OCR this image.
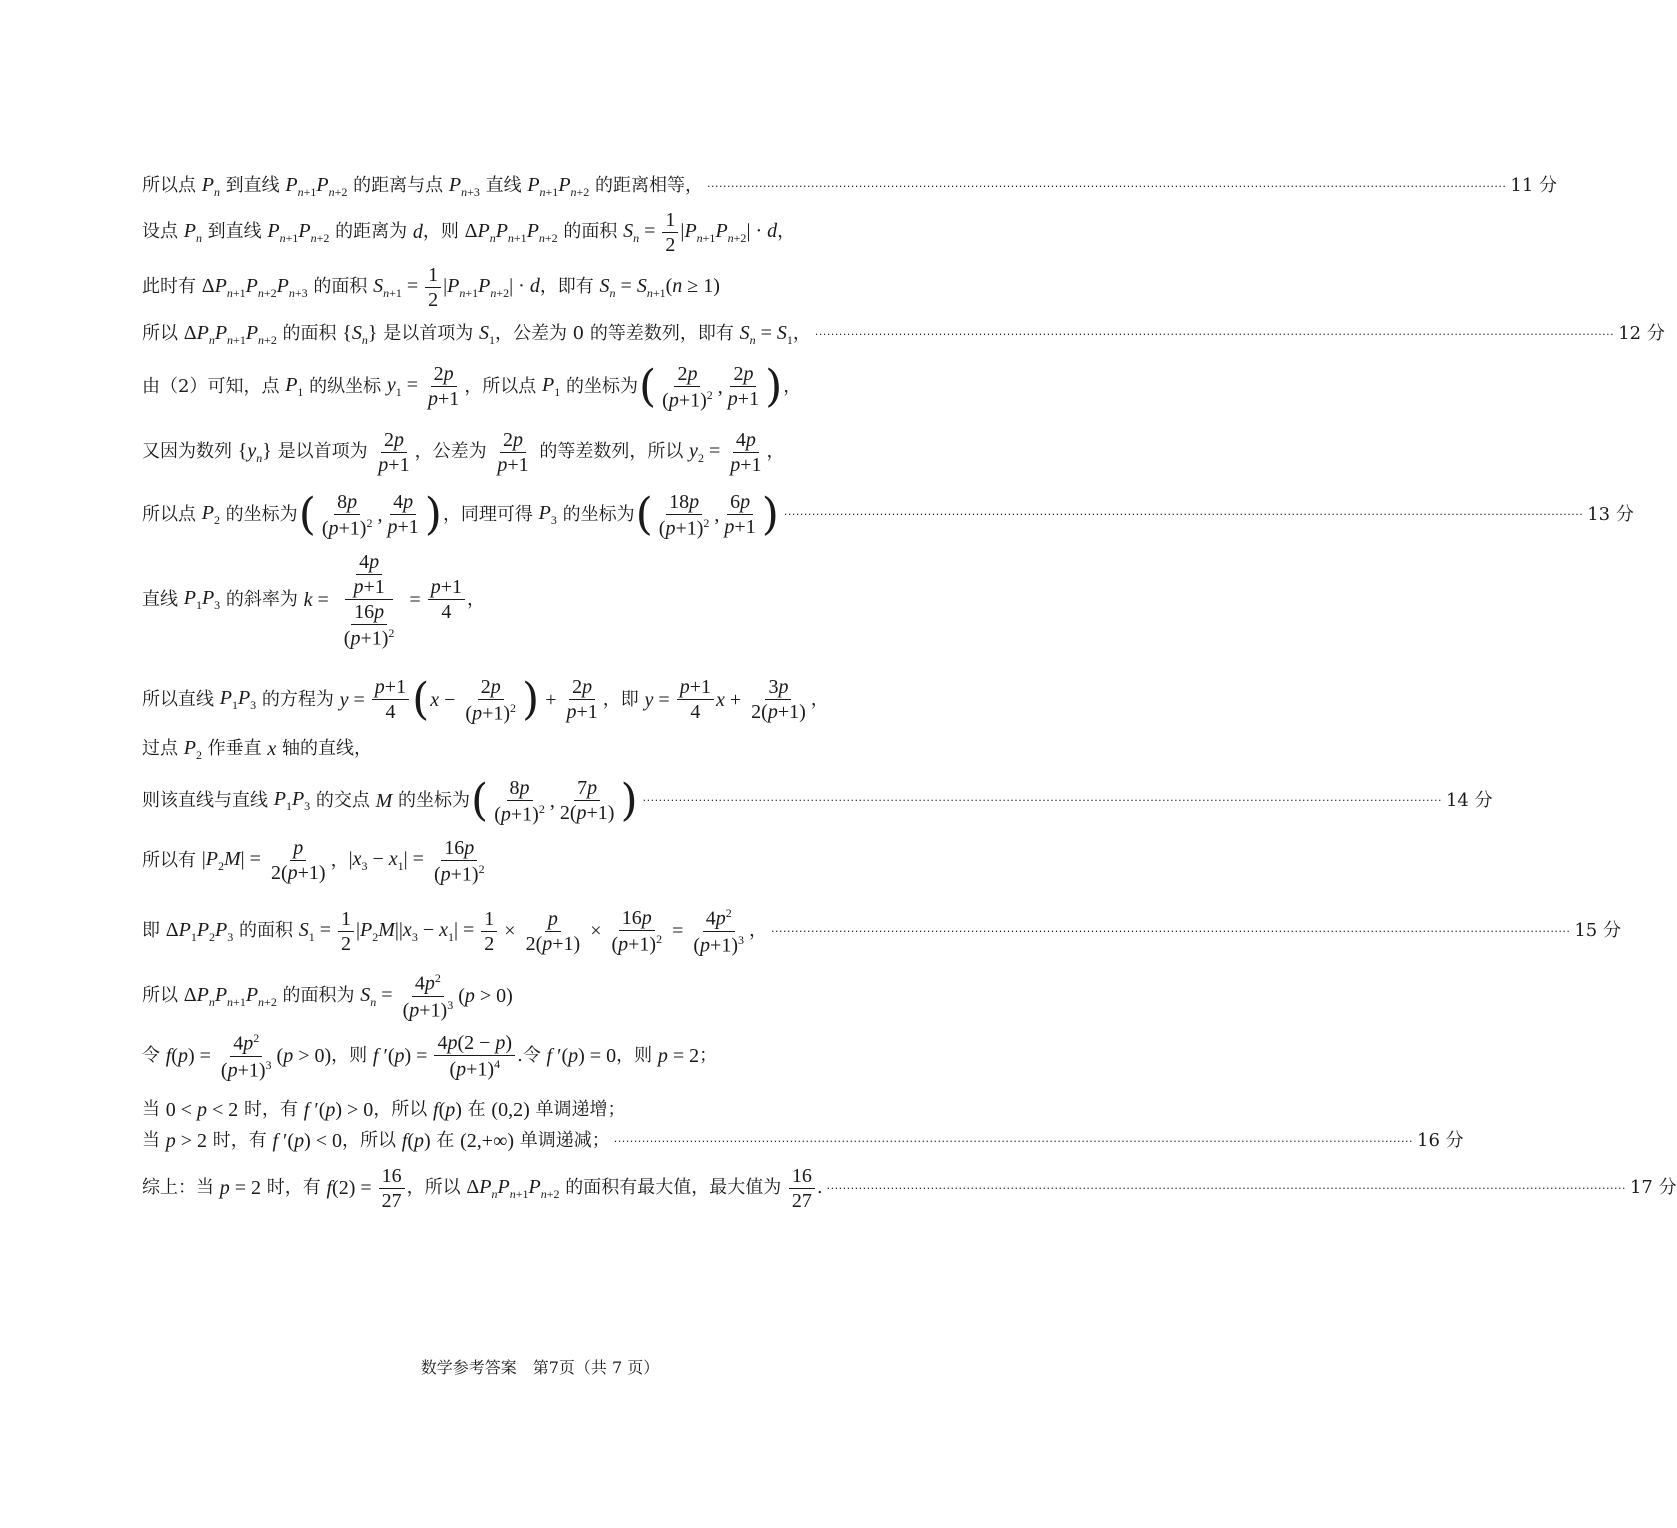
所以点 $P_n$ 到直线 $P_{n+1}P_{n+2}$ 的距离与点 $P_{n+3}$ 直线 $P_{n+1}P_{n+2}$ 的距离相等， ········································································································································································································ 11 分
设点 $P_n$ 到直线 $P_{n+1}P_{n+2}$ 的距离为 d ，则 $\Delta P_nP_{n+1}P_{n+2}$ 的面积 $S_n = \frac{1}{2} |P_{n+1}P_{n+2}| \cdot d$ ，
此时有 $\Delta P_{n+1}P_{n+2}P_{n+3}$ 的面积 $S_{n+1} = \frac{1}{2} |P_{n+1}P_{n+2}| \cdot d$ ，即有 $S_n = S_{n+1}(n \ge 1)$
所以 $\Delta P_nP_{n+1}P_{n+2}$ 的面积 $\{S_n\}$ 是以首项为 $S_1$ ，公差为 0 的等差数列，即有 $S_n = S_1$ ， ········································································································································································································ 12 分
由（2）可知，点 $P_1$ 的纵坐标 $y_1 = \frac{2p}{p+1}$ ，所以点 $P_1$ 的坐标为 ( $\frac{2p}{(p+1)^2}$ , $\frac{2p}{p+1}$ ) ，
又因为数列 $\{y_n\}$ 是以首项为 $\frac{2p}{p+1}$ ，公差为 $\frac{2p}{p+1}$ 的等差数列，所以 $y_2 = \frac{4p}{p+1}$ ，
所以点 $P_2$ 的坐标为 ( $\frac{8p}{(p+1)^2}$ , $\frac{4p}{p+1}$ ) ，同理可得 $P_3$ 的坐标为 ( $\frac{18p}{(p+1)^2}$ , $\frac{6p}{p+1}$ ) ········································································································································································································ 13 分
直线 $P_1P_3$ 的斜率为 $k = \frac{\frac{4p}{p+1}}{\frac{16p}{(p+1)^2}} = \frac{p+1}{4}$ ，
所以直线 $P_1P_3$ 的方程为 $y = \frac{p+1}{4}$ ( $x - \frac{2p}{(p+1)^2}$ ) + $\frac{2p}{p+1}$ ，即 $y = \frac{p+1}{4}$ $x + \frac{3p}{2(p+1)}$ ，
过点 $P_2$ 作垂直 x 轴的直线，
则该直线与直线 $P_1P_3$ 的交点 M 的坐标为 ( $\frac{8p}{(p+1)^2}$ , $\frac{7p}{2(p+1)}$ ) ········································································································································································································ 14 分
所以有 $|P_2M| = \frac{p}{2(p+1)}$ ， $|x_3 - x_1| = \frac{16p}{(p+1)^2}$
即 $\Delta P_1P_2P_3$ 的面积 $S_1 = \frac{1}{2} |P_2M||x_3 - x_1| = \frac{1}{2} \times \frac{p}{2(p+1)} \times \frac{16p}{(p+1)^2} = \frac{4p^2}{(p+1)^3}$ ， ········································································································································································································ 15 分
所以 $\Delta P_nP_{n+1}P_{n+2}$ 的面积为 $S_n = \frac{4p^2}{(p+1)^3} (p > 0)$
令 $f(p) = \frac{4p^2}{(p+1)^3} (p > 0)$ ，则 f $'(p) = \frac{4p(2 - p)}{(p+1)^4}$ .令 f ′(p) = 0 ，则 p = 2 ；
当 0 < p < 2 时，有 f ′(p) > 0 ，所以 f(p) 在 (0,2) 单调递增；
当 p > 2 时，有 f ′(p) < 0 ，所以 f(p) 在 (2,+∞) 单调递减； ········································································································································································································ 16 分
综上：当 p = 2 时，有 $f(2) = \frac{16}{27}$ ，所以 $\Delta P_nP_{n+1}P_{n+2}$ 的面积有最大值，最大值为 $\frac{16}{27}$ . ········································································································································································································ 17 分
数学参考答案　第7页（共 7 页）
